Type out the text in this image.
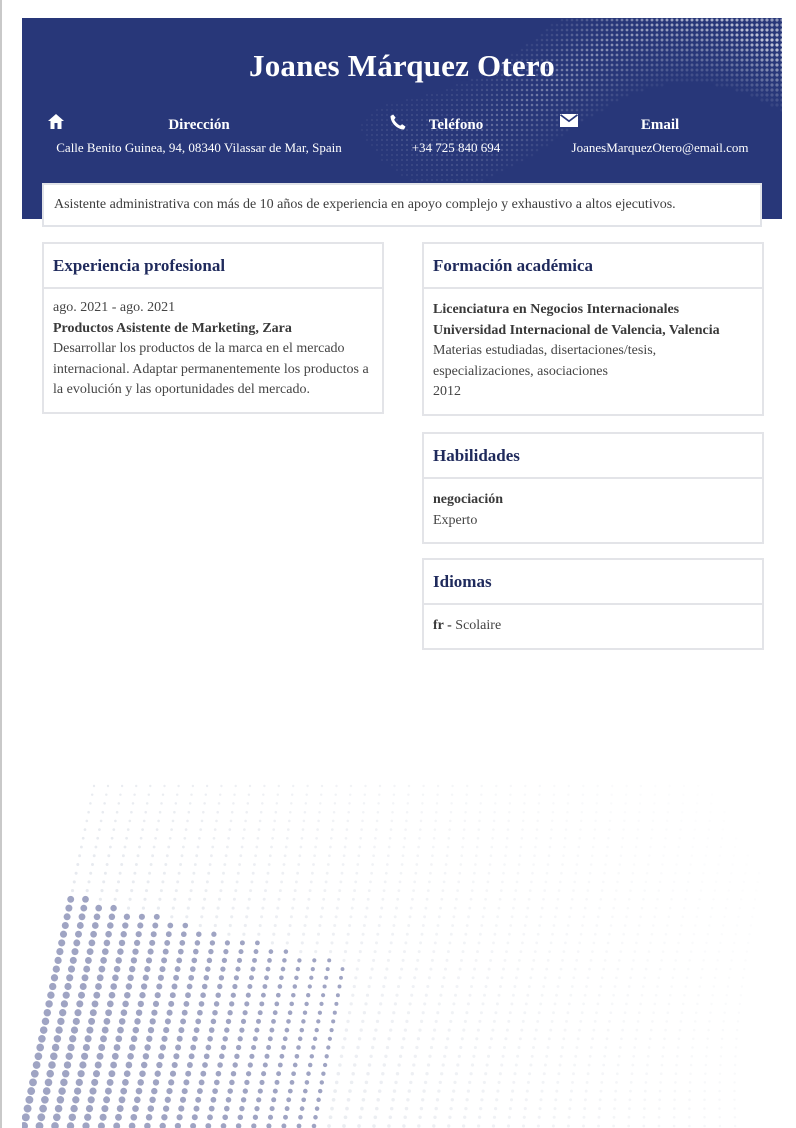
Joanes Márquez Otero
Dirección
Calle Benito Guinea, 94, 08340 Vilassar de Mar, Spain
Teléfono
+34 725 840 694
Email
JoanesMarquezOtero@email.com
Asistente administrativa con más de 10 años de experiencia en apoyo complejo y exhaustivo a altos ejecutivos.
Experiencia profesional
ago. 2021 - ago. 2021
Productos Asistente de Marketing, Zara
Desarrollar los productos de la marca en el mercado
internacional. Adaptar permanentemente los productos a
la evolución y las oportunidades del mercado.
Formación académica
Licenciatura en Negocios Internacionales
Universidad Internacional de Valencia, Valencia
Materias estudiadas, disertaciones/tesis,
especializaciones, asociaciones
2012
Habilidades
negociación
Experto
Idiomas
fr - Scolaire
